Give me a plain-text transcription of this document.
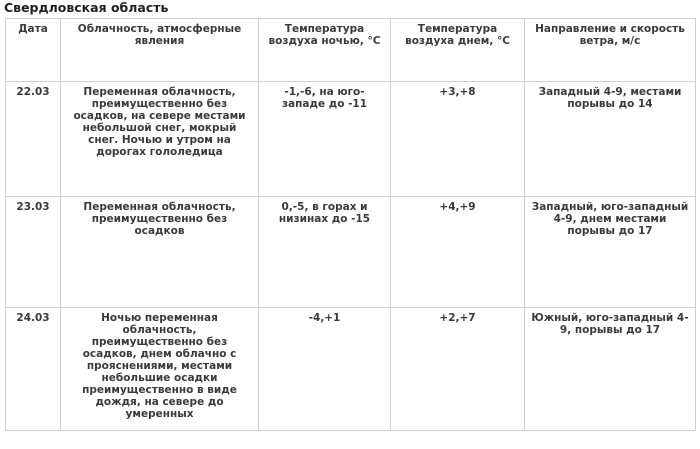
Свердловская область
Дата	Облачность, атмосферные явления	Температура воздуха ночью, °С	Температура воздуха днем, °С	Направление и скорость ветра, м/с
22.03	Переменная облачность, преимущественно без осадков, на севере местами небольшой снег, мокрый снег. Ночью и утром на дорогах гололедица	-1,-6, на юго-западе до -11	+3,+8	Западный 4-9, местами порывы до 14
23.03	Переменная облачность, преимущественно без осадков	0,-5, в горах и низинах до -15	+4,+9	Западный, юго-западный 4-9, днем местами порывы до 17
24.03	Ночью переменная облачность, преимущественно без осадков, днем облачно с прояснениями, местами небольшие осадки преимущественно в виде дождя, на севере до умеренных	-4,+1	+2,+7	Южный, юго-западный 4-9, порывы до 17
